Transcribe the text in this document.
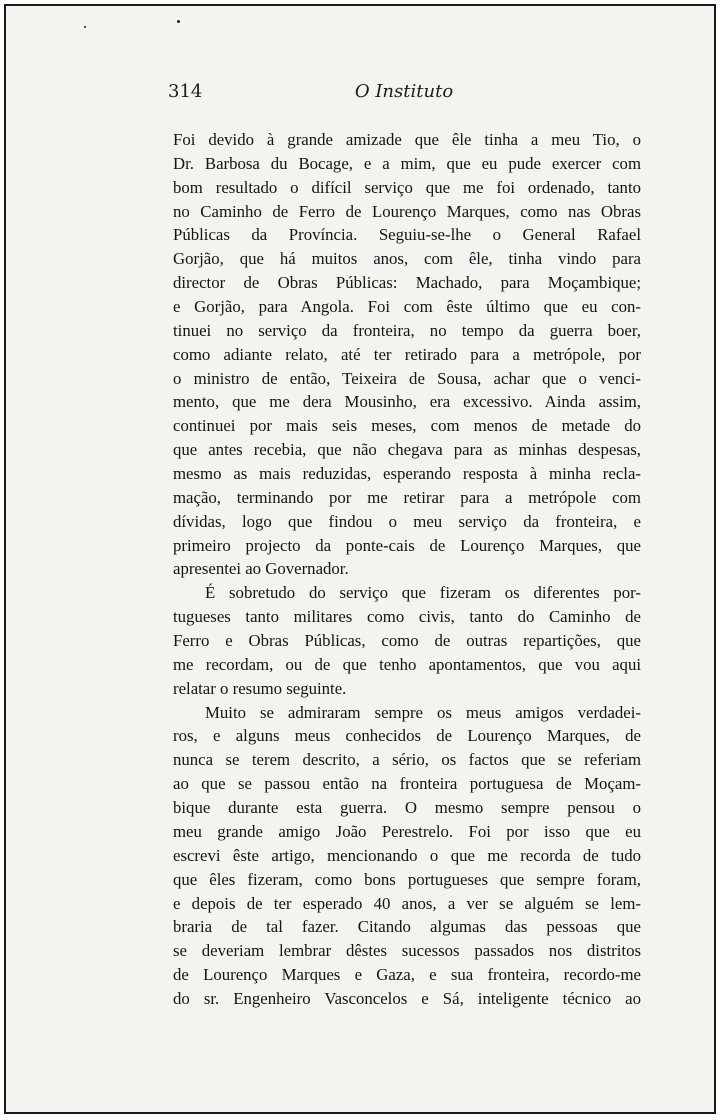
314	O Instituto

Foi devido à grande amizade que êle tinha a meu Tio, o
Dr. Barbosa du Bocage, e a mim, que eu pude exercer com
bom resultado o difícil serviço que me foi ordenado, tanto
no Caminho de Ferro de Lourenço Marques, como nas Obras
Públicas da Província. Seguiu-se-lhe o General Rafael
Gorjão, que há muitos anos, com êle, tinha vindo para
director de Obras Públicas: Machado, para Moçambique;
e Gorjão, para Angola. Foi com êste último que eu con-
tinuei no serviço da fronteira, no tempo da guerra boer,
como adiante relato, até ter retirado para a metrópole, por
o ministro de então, Teixeira de Sousa, achar que o venci-
mento, que me dera Mousinho, era excessivo. Ainda assim,
continuei por mais seis meses, com menos de metade do
que antes recebia, que não chegava para as minhas despesas,
mesmo as mais reduzidas, esperando resposta à minha recla-
mação, terminando por me retirar para a metrópole com
dívidas, logo que findou o meu serviço da fronteira, e
primeiro projecto da ponte-cais de Lourenço Marques, que
apresentei ao Governador.

É sobretudo do serviço que fizeram os diferentes por-
tugueses tanto militares como civis, tanto do Caminho de
Ferro e Obras Públicas, como de outras repartições, que
me recordam, ou de que tenho apontamentos, que vou aqui
relatar o resumo seguinte.

Muito se admiraram sempre os meus amigos verdadei-
ros, e alguns meus conhecidos de Lourenço Marques, de
nunca se terem descrito, a sério, os factos que se referiam
ao que se passou então na fronteira portuguesa de Moçam-
bique durante esta guerra. O mesmo sempre pensou o
meu grande amigo João Perestrelo. Foi por isso que eu
escrevi êste artigo, mencionando o que me recorda de tudo
que êles fizeram, como bons portugueses que sempre foram,
e depois de ter esperado 40 anos, a ver se alguém se lem-
braria de tal fazer. Citando algumas das pessoas que
se deveriam lembrar dêstes sucessos passados nos distritos
de Lourenço Marques e Gaza, e sua fronteira, recordo-me
do sr. Engenheiro Vasconcelos e Sá, inteligente técnico ao
